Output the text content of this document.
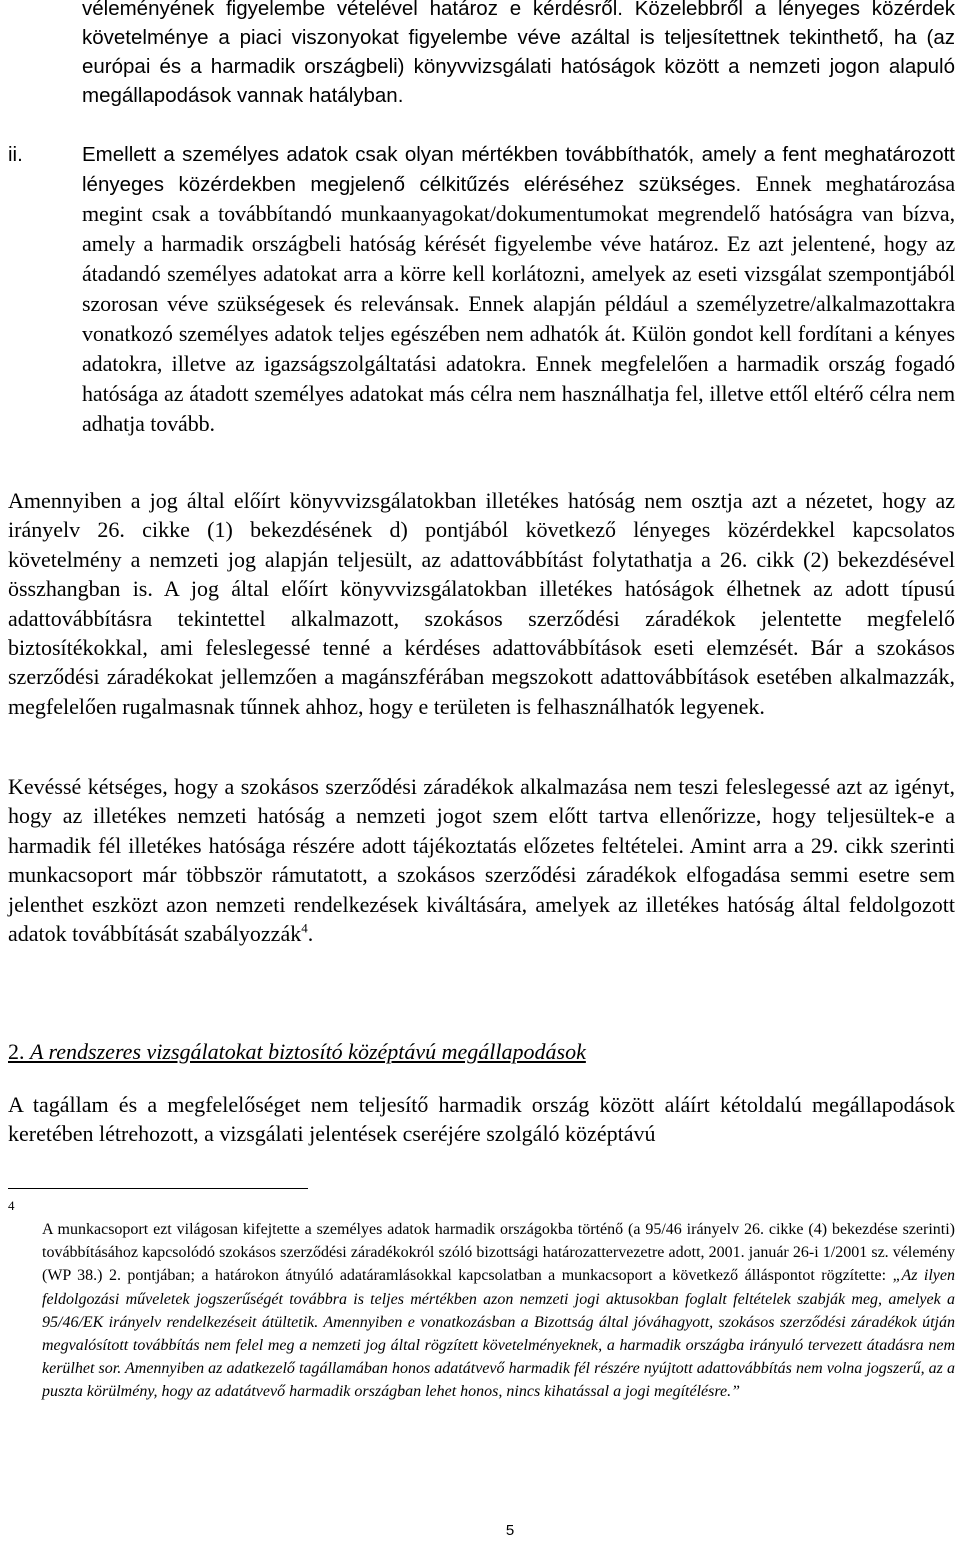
véleményének figyelembe vételével határoz e kérdésről. Közelebbről a lényeges közérdek követelménye a piaci viszonyokat figyelembe véve azáltal is teljesítettnek tekinthető, ha (az európai és a harmadik országbeli) könyvvizsgálati hatóságok között a nemzeti jogon alapuló megállapodások vannak hatályban.
ii.	Emellett a személyes adatok csak olyan mértékben továbbíthatók, amely a fent meghatározott lényeges közérdekben megjelenő célkitűzés eléréséhez szükséges. Ennek meghatározása megint csak a továbbítandó munkaanyagokat/dokumentumokat megrendelő hatóságra van bízva, amely a harmadik országbeli hatóság kérését figyelembe véve határoz. Ez azt jelentené, hogy az átadandó személyes adatokat arra a körre kell korlátozni, amelyek az eseti vizsgálat szempontjából szorosan véve szükségesek és relevánsak. Ennek alapján például a személyzetre/alkalmazottakra vonatkozó személyes adatok teljes egészében nem adhatók át. Külön gondot kell fordítani a kényes adatokra, illetve az igazságszolgáltatási adatokra. Ennek megfelelően a harmadik ország fogadó hatósága az átadott személyes adatokat más célra nem használhatja fel, illetve ettől eltérő célra nem adhatja tovább.
Amennyiben a jog által előírt könyvvizsgálatokban illetékes hatóság nem osztja azt a nézetet, hogy az irányelv 26. cikke (1) bekezdésének d) pontjából következő lényeges közérdekkel kapcsolatos követelmény a nemzeti jog alapján teljesült, az adattovábbítást folytathatja a 26. cikk (2) bekezdésével összhangban is. A jog által előírt könyvvizsgálatokban illetékes hatóságok élhetnek az adott típusú adattovábbításra tekintettel alkalmazott, szokásos szerződési záradékok jelentette megfelelő biztosítékokkal, ami feleslegessé tenné a kérdéses adattovábbítások eseti elemzését. Bár a szokásos szerződési záradékokat jellemzően a magánszférában megszokott adattovábbítások esetében alkalmazzák, megfelelően rugalmasnak tűnnek ahhoz, hogy e területen is felhasználhatók legyenek.
Kevéssé kétséges, hogy a szokásos szerződési záradékok alkalmazása nem teszi feleslegessé azt az igényt, hogy az illetékes nemzeti hatóság a nemzeti jogot szem előtt tartva ellenőrizze, hogy teljesültek-e a harmadik fél illetékes hatósága részére adott tájékoztatás előzetes feltételei. Amint arra a 29. cikk szerinti munkacsoport már többször rámutatott, a szokásos szerződési záradékok elfogadása semmi esetre sem jelenthet eszközt azon nemzeti rendelkezések kiváltására, amelyek az illetékes hatóság által feldolgozott adatok továbbítását szabályozzák$^4$.
2. A rendszeres vizsgálatokat biztosító középtávú megállapodások
A tagállam és a megfelelőséget nem teljesítő harmadik ország között aláírt kétoldalú megállapodások keretében létrehozott, a vizsgálati jelentések cseréjére szolgáló középtávú
4
A munkacsoport ezt világosan kifejtette a személyes adatok harmadik országokba történő (a 95/46 irányelv 26. cikke (4) bekezdése szerinti) továbbításához kapcsolódó szokásos szerződési záradékokról szóló bizottsági határozattervezetre adott, 2001. január 26-i 1/2001 sz. vélemény (WP 38.) 2. pontjában; a határokon átnyúló adatáramlásokkal kapcsolatban a munkacsoport a következő álláspontot rögzítette: „Az ilyen feldolgozási műveletek jogszerűségét továbbra is teljes mértékben azon nemzeti jogi aktusokban foglalt feltételek szabják meg, amelyek a 95/46/EK irányelv rendelkezéseit átültetik. Amennyiben e vonatkozásban a Bizottság által jóváhagyott, szokásos szerződési záradékok útján megvalósított továbbítás nem felel meg a nemzeti jog által rögzített követelményeknek, a harmadik országba irányuló tervezett átadásra nem kerülhet sor. Amennyiben az adatkezelő tagállamában honos adatátvevő harmadik fél részére nyújtott adattovábbítás nem volna jogszerű, az a puszta körülmény, hogy az adatátvevő harmadik országban lehet honos, nincs kihatással a jogi megítélésre.”
5
